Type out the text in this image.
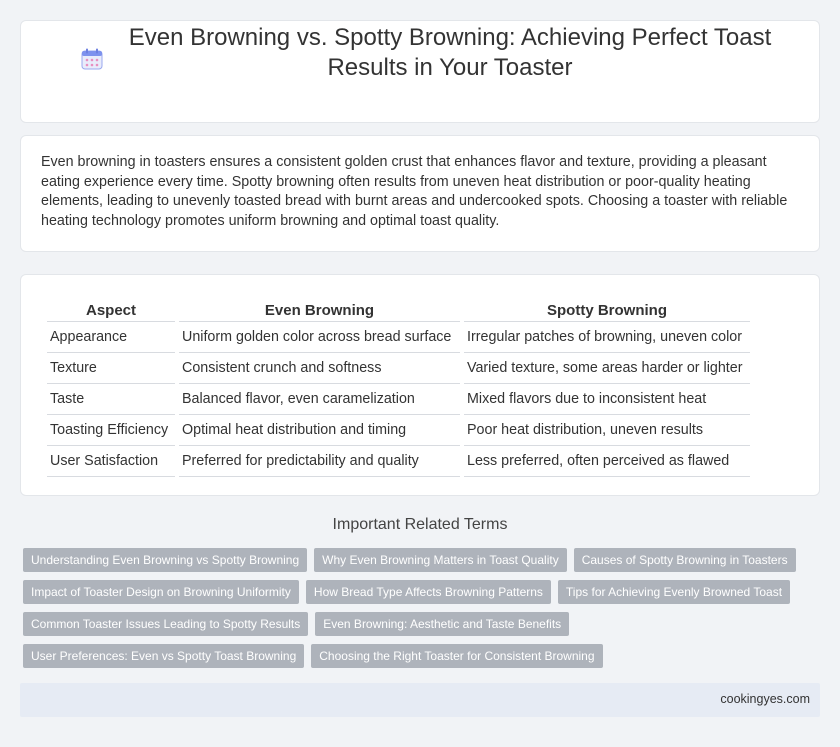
Even Browning vs. Spotty Browning: Achieving Perfect Toast Results in Your Toaster

Even browning in toasters ensures a consistent golden crust that enhances flavor and texture, providing a pleasant eating experience every time. Spotty browning often results from uneven heat distribution or poor-quality heating elements, leading to unevenly toasted bread with burnt areas and undercooked spots. Choosing a toaster with reliable heating technology promotes uniform browning and optimal toast quality.

Aspect	Even Browning	Spotty Browning
Appearance	Uniform golden color across bread surface	Irregular patches of browning, uneven color
Texture	Consistent crunch and softness	Varied texture, some areas harder or lighter
Taste	Balanced flavor, even caramelization	Mixed flavors due to inconsistent heat
Toasting Efficiency	Optimal heat distribution and timing	Poor heat distribution, uneven results
User Satisfaction	Preferred for predictability and quality	Less preferred, often perceived as flawed
Important Related Terms
Understanding Even Browning vs Spotty Browning	Why Even Browning Matters in Toast Quality	Causes of Spotty Browning in Toasters
Impact of Toaster Design on Browning Uniformity	How Bread Type Affects Browning Patterns	Tips for Achieving Evenly Browned Toast
Common Toaster Issues Leading to Spotty Results	Even Browning: Aesthetic and Taste Benefits
User Preferences: Even vs Spotty Toast Browning	Choosing the Right Toaster for Consistent Browning
cookingyes.com
